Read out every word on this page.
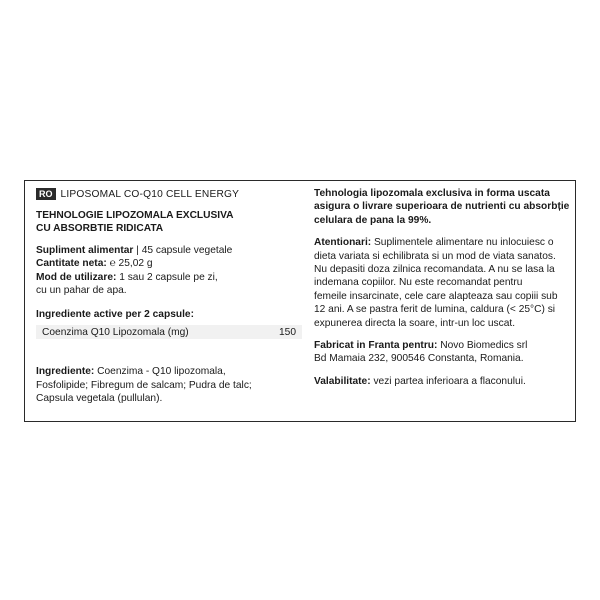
RO LIPOSOMAL CO-Q10 CELL ENERGY
TEHNOLOGIE LIPOZOMALA EXCLUSIVA
CU ABSORBTIE RIDICATA
Supliment alimentar | 45 capsule vegetale
Cantitate neta: ℮ 25,02 g
Mod de utilizare: 1 sau 2 capsule pe zi,
cu un pahar de apa.
Ingrediente active per 2 capsule:
Coenzima Q10 Lipozomala (mg)	150
Ingrediente: Coenzima - Q10 lipozomala,
Fosfolipide; Fibregum de salcam; Pudra de talc;
Capsula vegetala (pullulan).
Tehnologia lipozomala exclusiva in forma uscata
asigura o livrare superioara de nutrienti cu absorbție
celulara de pana la 99%.
Atentionari: Suplimentele alimentare nu inlocuiesc o
dieta variata si echilibrata si un mod de viata sanatos.
Nu depasiti doza zilnica recomandata. A nu se lasa la
indemana copiilor. Nu este recomandat pentru
femeile insarcinate, cele care alapteaza sau copiii sub
12 ani. A se pastra ferit de lumina, caldura (< 25°C) si
expunerea directa la soare, intr-un loc uscat.
Fabricat in Franta pentru: Novo Biomedics srl
Bd Mamaia 232, 900546 Constanta, Romania.
Valabilitate: vezi partea inferioara a flaconului.
